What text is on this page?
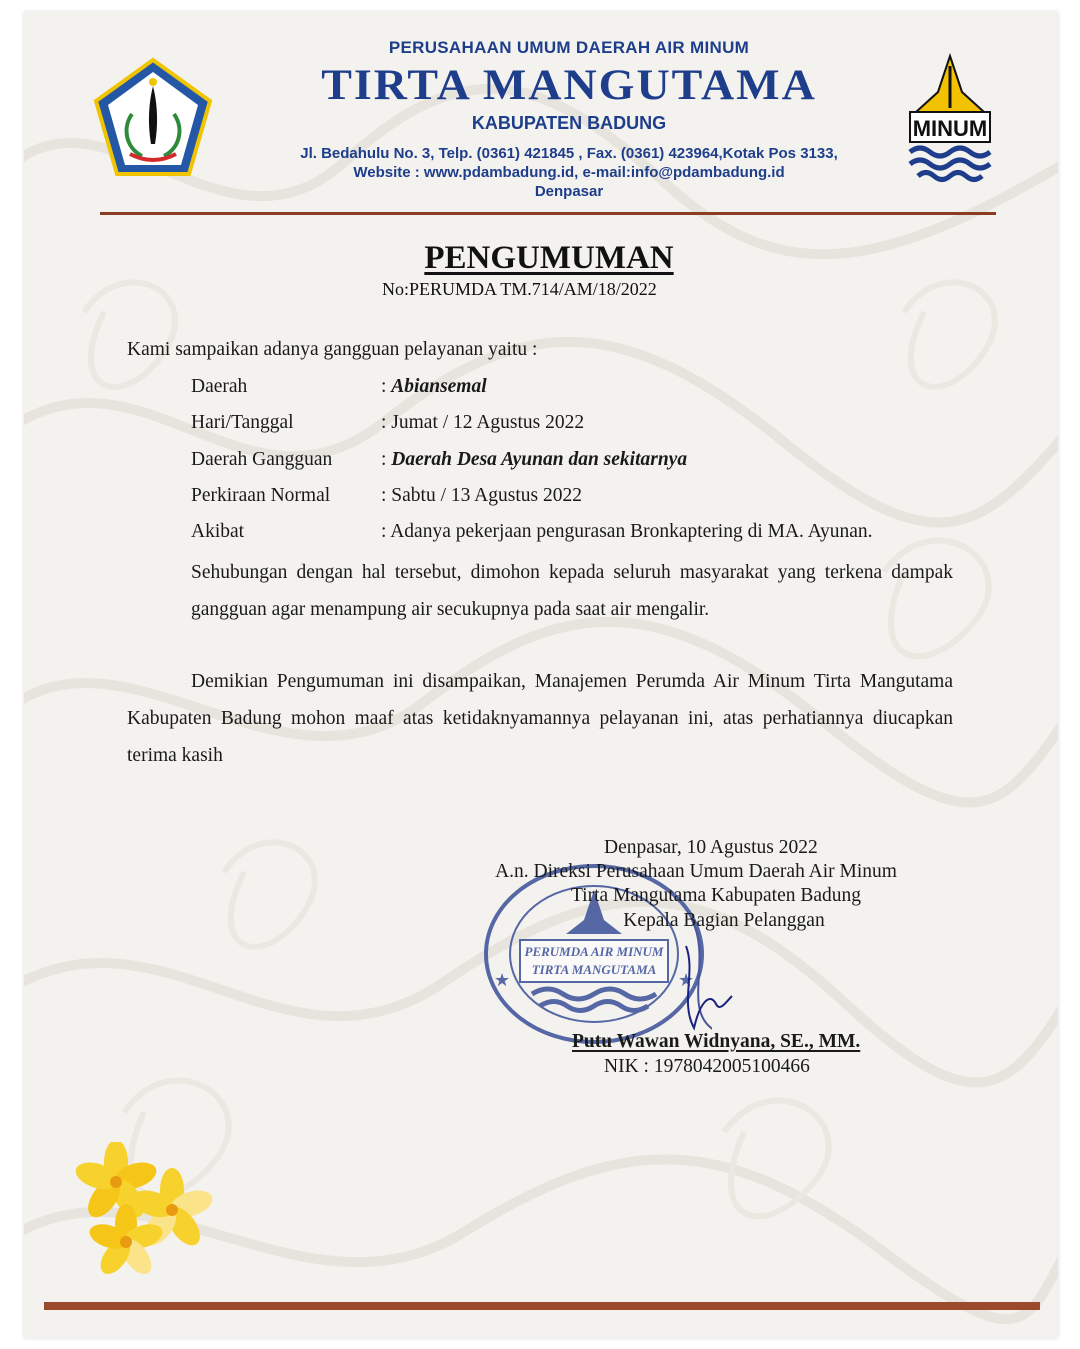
MINUM
PERUSAHAAN UMUM DAERAH AIR MINUM
TIRTA MANGUTAMA
KABUPATEN BADUNG
Jl. Bedahulu No. 3, Telp. (0361) 421845 , Fax. (0361) 423964,Kotak Pos 3133,
Website : www.pdambadung.id, e-mail:info@pdambadung.id
Denpasar
PENGUMUMAN
No:PERUMDA TM.714/AM/18/2022
Kami sampaikan adanya gangguan pelayanan yaitu :
Daerah	: Abiansemal
Hari/Tanggal	: Jumat / 12 Agustus 2022
Daerah Gangguan : Daerah Desa Ayunan dan sekitarnya
Perkiraan Normal	: Sabtu / 13 Agustus 2022
Akibat	: Adanya pekerjaan pengurasan Bronkaptering di MA. Ayunan.
Sehubungan dengan hal tersebut, dimohon kepada seluruh masyarakat yang terkena dampak gangguan agar menampung air secukupnya pada saat air mengalir.
Demikian Pengumuman ini disampaikan, Manajemen Perumda Air Minum Tirta Mangutama Kabupaten Badung mohon maaf atas ketidaknyamannya pelayanan ini, atas perhatiannya diucapkan terima kasih
PERUMDA AIR MINUM
TIRTA MANGUTAMA
★	★
Denpasar, 10 Agustus 2022
A.n. Direksi Perusahaan Umum Daerah Air Minum
Tirta Mangutama Kabupaten Badung
Kepala Bagian Pelanggan
Putu Wawan Widnyana, SE., MM.
NIK : 1978042005100466
